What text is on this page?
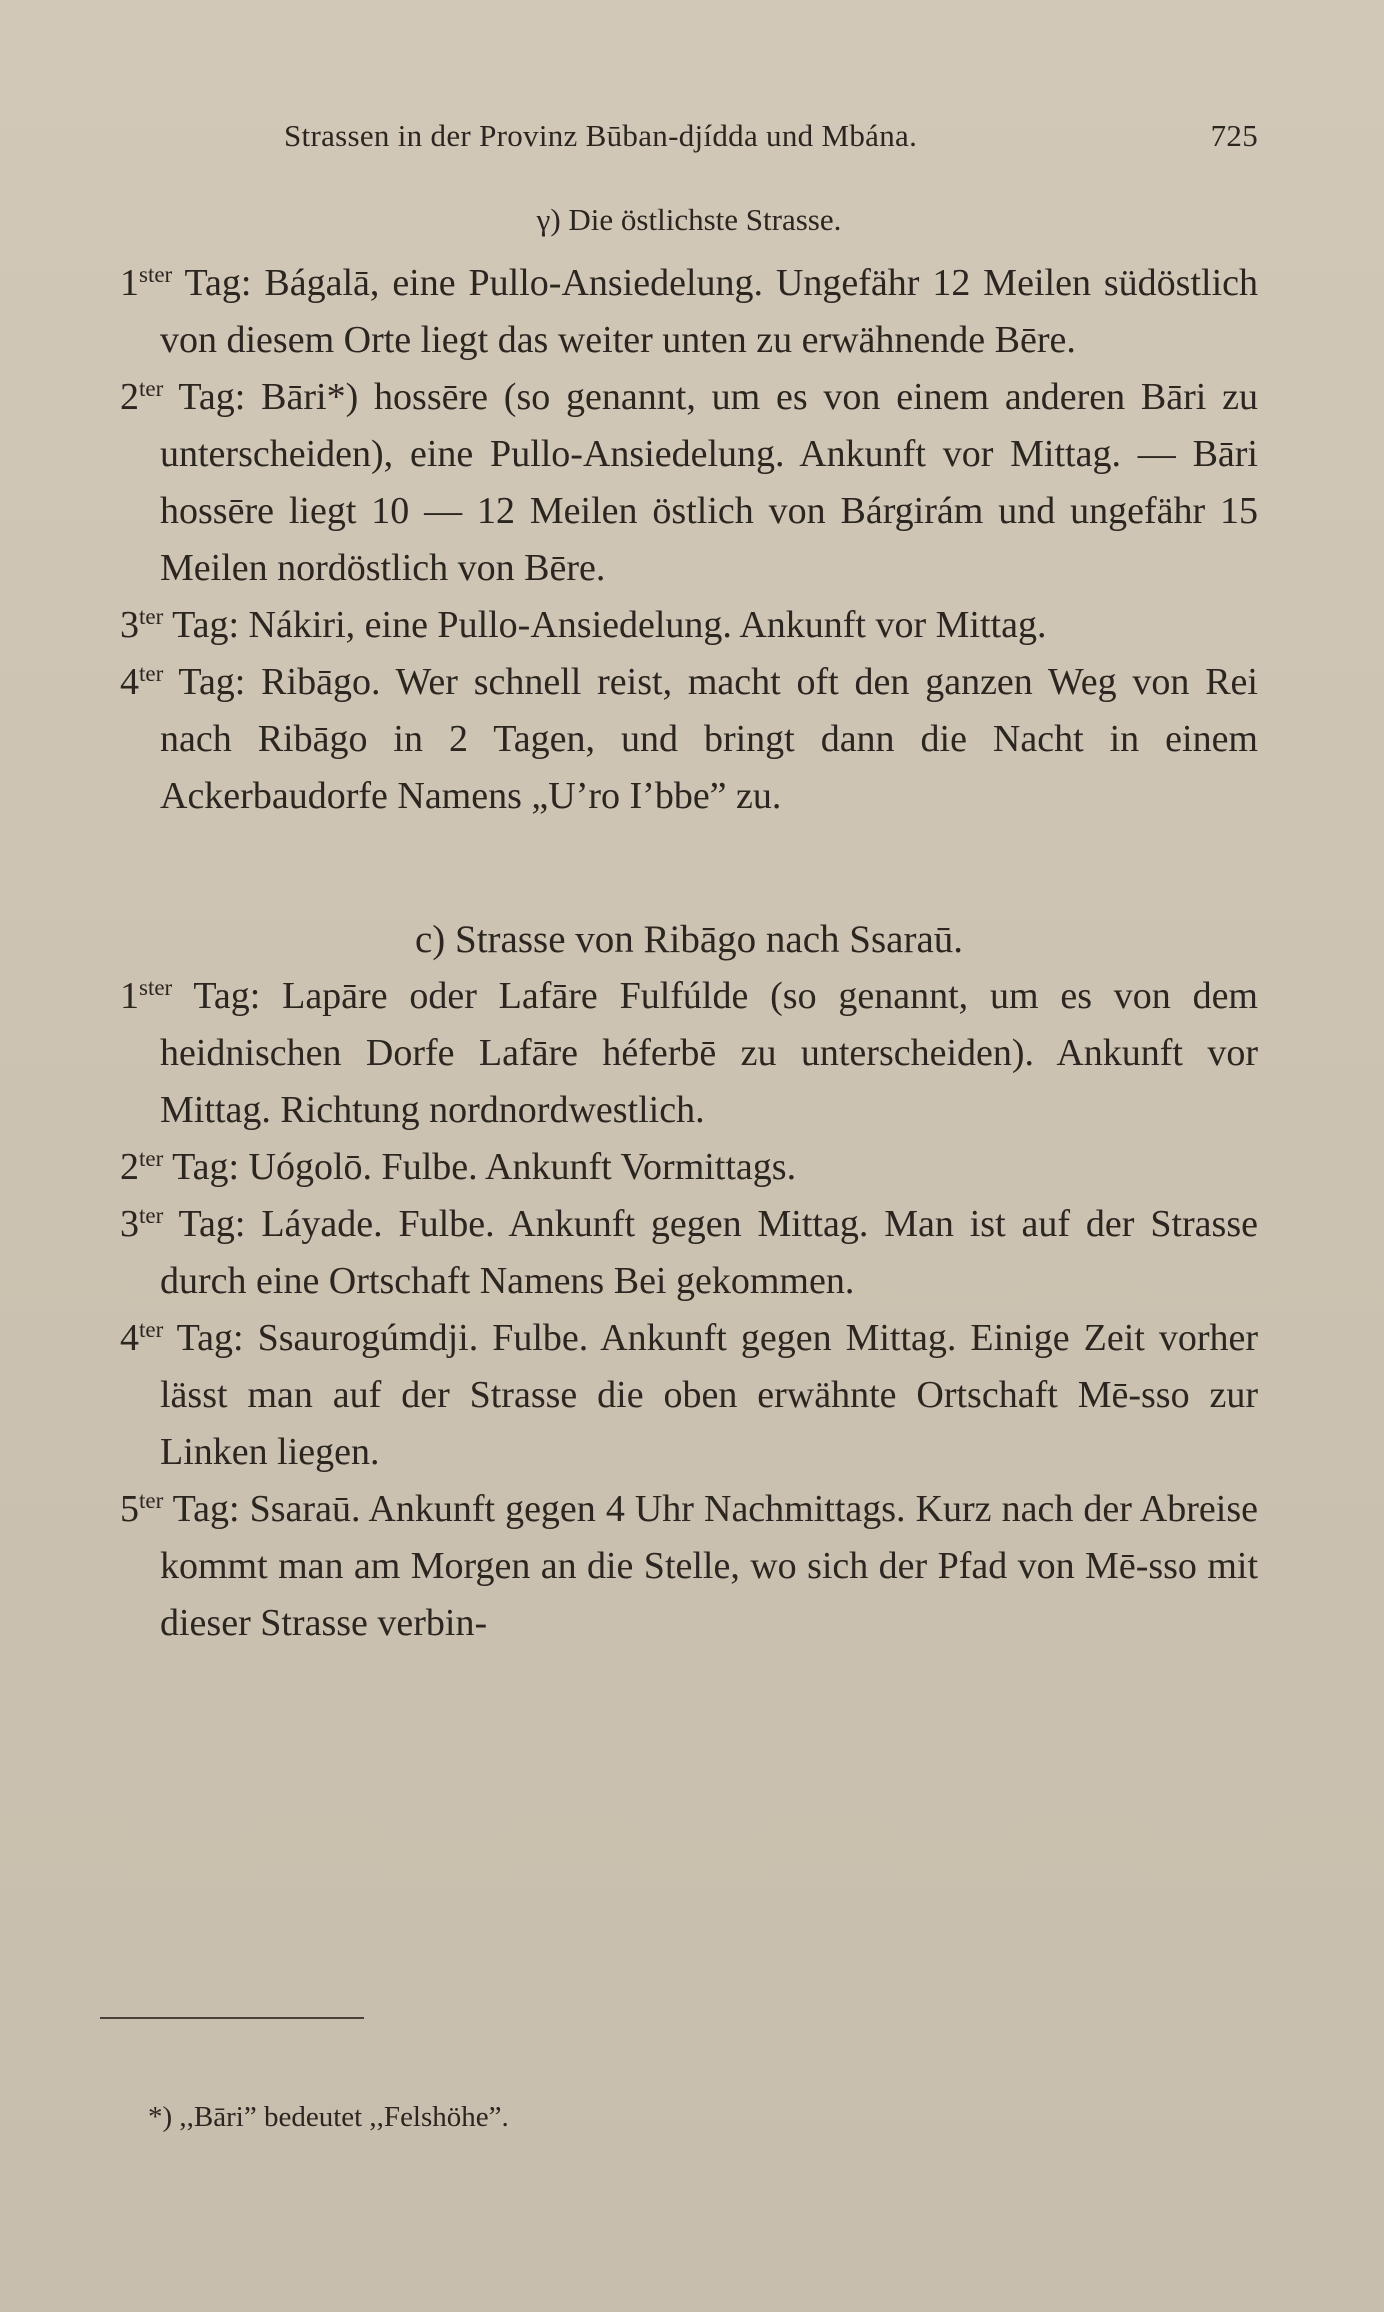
Strassen in der Provinz Būban-djídda und Mbána.	725

γ) Die östlichste Strasse.

$1^{ster}$ Tag: Bágalā, eine Pullo-Ansiedelung. Ungefähr 12 Meilen südöstlich von diesem Orte liegt das weiter unten zu erwähnende Bēre.

$2^{ter}$ Tag: Bāri*) hossēre (so genannt, um es von einem anderen Bāri zu unterscheiden), eine Pullo-Ansiedelung. Ankunft vor Mittag. — Bāri hossēre liegt 10 — 12 Meilen östlich von Bárgirám und ungefähr 15 Meilen nordöstlich von Bēre.

$3^{ter}$ Tag: Nákiri, eine Pullo-Ansiedelung. Ankunft vor Mittag.

$4^{ter}$ Tag: Ribāgo. Wer schnell reist, macht oft den ganzen Weg von Rei nach Ribāgo in 2 Tagen, und bringt dann die Nacht in einem Ackerbaudorfe Namens „U’ro I’bbe” zu.

c) Strasse von Ribāgo nach Ssaraū.

$1^{ster}$ Tag: Lapāre oder Lafāre Fulfúlde (so genannt, um es von dem heidnischen Dorfe Lafāre héferbē zu unterscheiden). Ankunft vor Mittag. Richtung nordnordwestlich.

$2^{ter}$ Tag: Uógolō. Fulbe. Ankunft Vormittags.

$3^{ter}$ Tag: Láyade. Fulbe. Ankunft gegen Mittag. Man ist auf der Strasse durch eine Ortschaft Namens Bei gekommen.

$4^{ter}$ Tag: Ssaurogúmdji. Fulbe. Ankunft gegen Mittag. Einige Zeit vorher lässt man auf der Strasse die oben erwähnte Ortschaft Mē-sso zur Linken liegen.

$5^{ter}$ Tag: Ssaraū. Ankunft gegen 4 Uhr Nachmittags. Kurz nach der Abreise kommt man am Morgen an die Stelle, wo sich der Pfad von Mē-sso mit dieser Strasse verbin-

*) ,,Bāri” bedeutet ,,Felshöhe”.
